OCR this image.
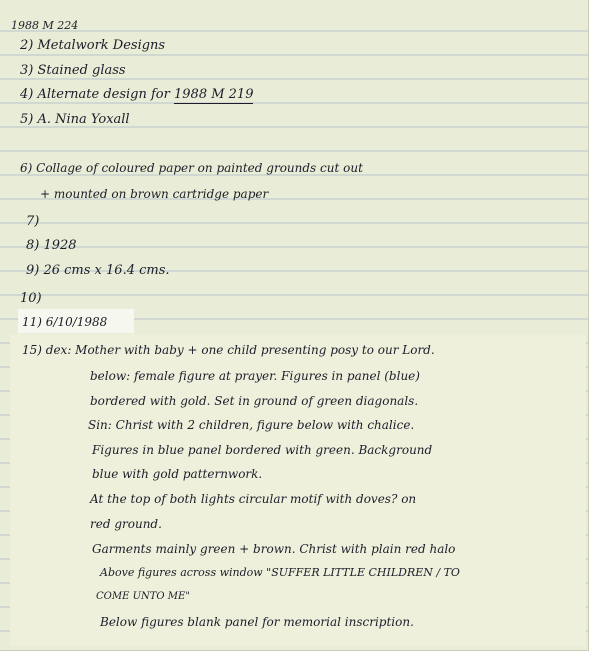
1988 M 224
2) Metalwork Designs
3) Stained glass
4) Alternate design for 1988 M 219
5) A. Nina Yoxall
6) Collage of coloured paper on painted grounds cut out
+ mounted on brown cartridge paper
7)
8) 1928
9) 26 cms x 16.4 cms.
10)
11) 6/10/1988
15) dex: Mother with baby + one child presenting posy to our Lord.
below: female figure at prayer. Figures in panel (blue)
bordered with gold. Set in ground of green diagonals.
Sin: Christ with 2 children, figure below with chalice.
Figures in blue panel bordered with green. Background
blue with gold patternwork.
At the top of both lights circular motif with doves? on
red ground.
Garments mainly green + brown. Christ with plain red halo
Above figures across window "SUFFER LITTLE CHILDREN / TO
COME UNTO ME"
Below figures blank panel for memorial inscription.
